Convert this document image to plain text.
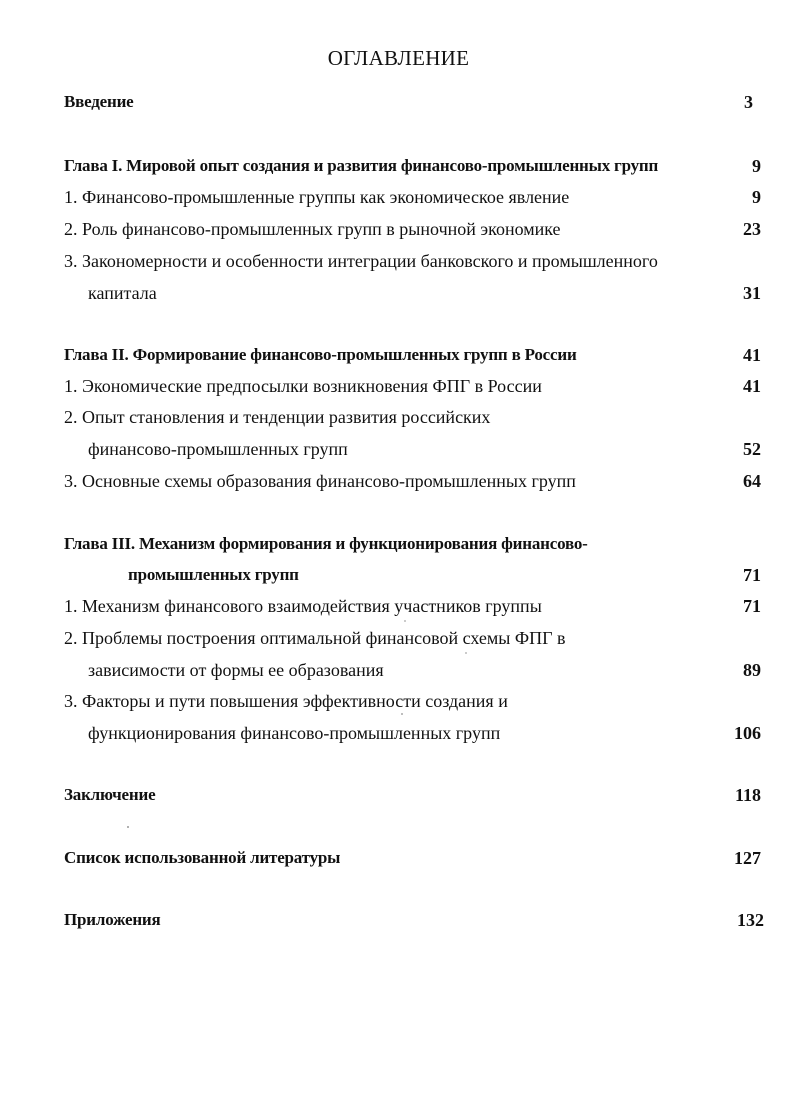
ОГЛАВЛЕНИЕ
Введение	3
Глава I. Мировой опыт создания и развития финансово-промышленных групп	9
1. Финансово-промышленные группы как экономическое явление	9
2. Роль финансово-промышленных групп в рыночной экономике	23
3. Закономерности и особенности интеграции банковского и промышленного
капитала	31
Глава II. Формирование финансово-промышленных групп в России	41
1. Экономические предпосылки возникновения ФПГ в России	41
2. Опыт становления и тенденции развития российских
финансово-промышленных групп	52
3. Основные схемы образования финансово-промышленных групп	64
Глава III. Механизм формирования и функционирования финансово-
промышленных групп	71
1. Механизм финансового взаимодействия участников группы	71
2. Проблемы построения оптимальной финансовой схемы ФПГ в
зависимости от формы ее образования	89
3. Факторы и пути повышения эффективности создания и
функционирования финансово-промышленных групп	106
Заключение	118
Список использованной литературы	127
Приложения	132
